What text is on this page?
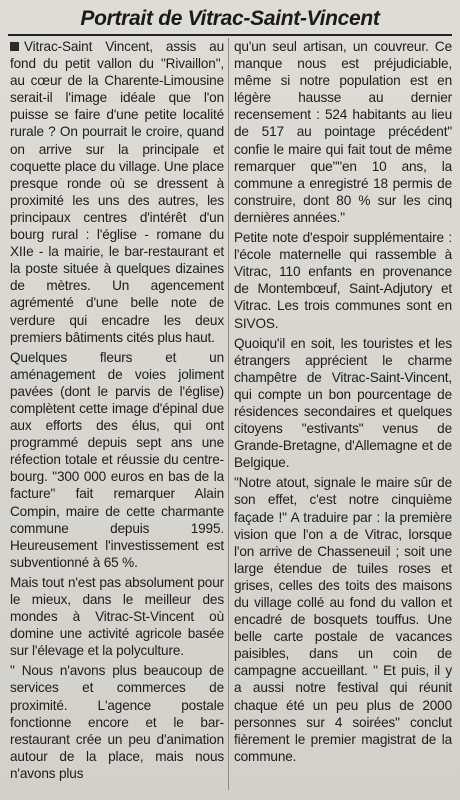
Portrait de Vitrac-Saint-Vincent

Vitrac-Saint Vincent, assis au fond du petit vallon du "Rivaillon", au cœur de la Charente-Limousine serait-il l'image idéale que l'on puisse se faire d'une petite localité rurale ? On pourrait le croire, quand on arrive sur la principale et coquette place du village. Une place presque ronde où se dressent à proximité les uns des autres, les principaux centres d'intérêt d'un bourg rural : l'église - romane du XIIe - la mairie, le bar-restaurant et la poste située à quelques dizaines de mètres. Un agencement agrémenté d'une belle note de verdure qui encadre les deux premiers bâtiments cités plus haut.

Quelques fleurs et un aménagement de voies joliment pavées (dont le parvis de l'église) complètent cette image d'épinal due aux efforts des élus, qui ont programmé depuis sept ans une réfection totale et réussie du centre-bourg. "300 000 euros en bas de la facture" fait remarquer Alain Compin, maire de cette charmante commune depuis 1995. Heureusement l'investissement est subventionné à 65 %.

Mais tout n'est pas absolument pour le mieux, dans le meilleur des mondes à Vitrac-St-Vincent où domine une activité agricole basée sur l'élevage et la polyculture.

" Nous n'avons plus beaucoup de services et commerces de proximité. L'agence postale fonctionne encore et le bar-restaurant crée un peu d'animation autour de la place, mais nous n'avons plus

qu'un seul artisan, un couvreur. Ce manque nous est préjudiciable, même si notre population est en légère hausse au dernier recensement : 524 habitants au lieu de 517 au pointage précédent" confie le maire qui fait tout de même remarquer que""en 10 ans, la commune a enregistré 18 permis de construire, dont 80 % sur les cinq dernières années."

Petite note d'espoir supplémentaire : l'école maternelle qui rassemble à Vitrac, 110 enfants en provenance de Montembœuf, Saint-Adjutory et Vitrac. Les trois communes sont en SIVOS.

Quoiqu'il en soit, les touristes et les étrangers apprécient le charme champêtre de Vitrac-Saint-Vincent, qui compte un bon pourcentage de résidences secondaires et quelques citoyens "estivants" venus de Grande-Bretagne, d'Allemagne et de Belgique.

"Notre atout, signale le maire sûr de son effet, c'est notre cinquième façade !" A traduire par : la première vision que l'on a de Vitrac, lorsque l'on arrive de Chasseneuil ; soit une large étendue de tuiles roses et grises, celles des toits des maisons du village collé au fond du vallon et encadré de bosquets touffus. Une belle carte postale de vacances paisibles, dans un coin de campagne accueillant. " Et puis, il y a aussi notre festival qui réunit chaque été un peu plus de 2000 personnes sur 4 soirées" conclut fièrement le premier magistrat de la commune.
